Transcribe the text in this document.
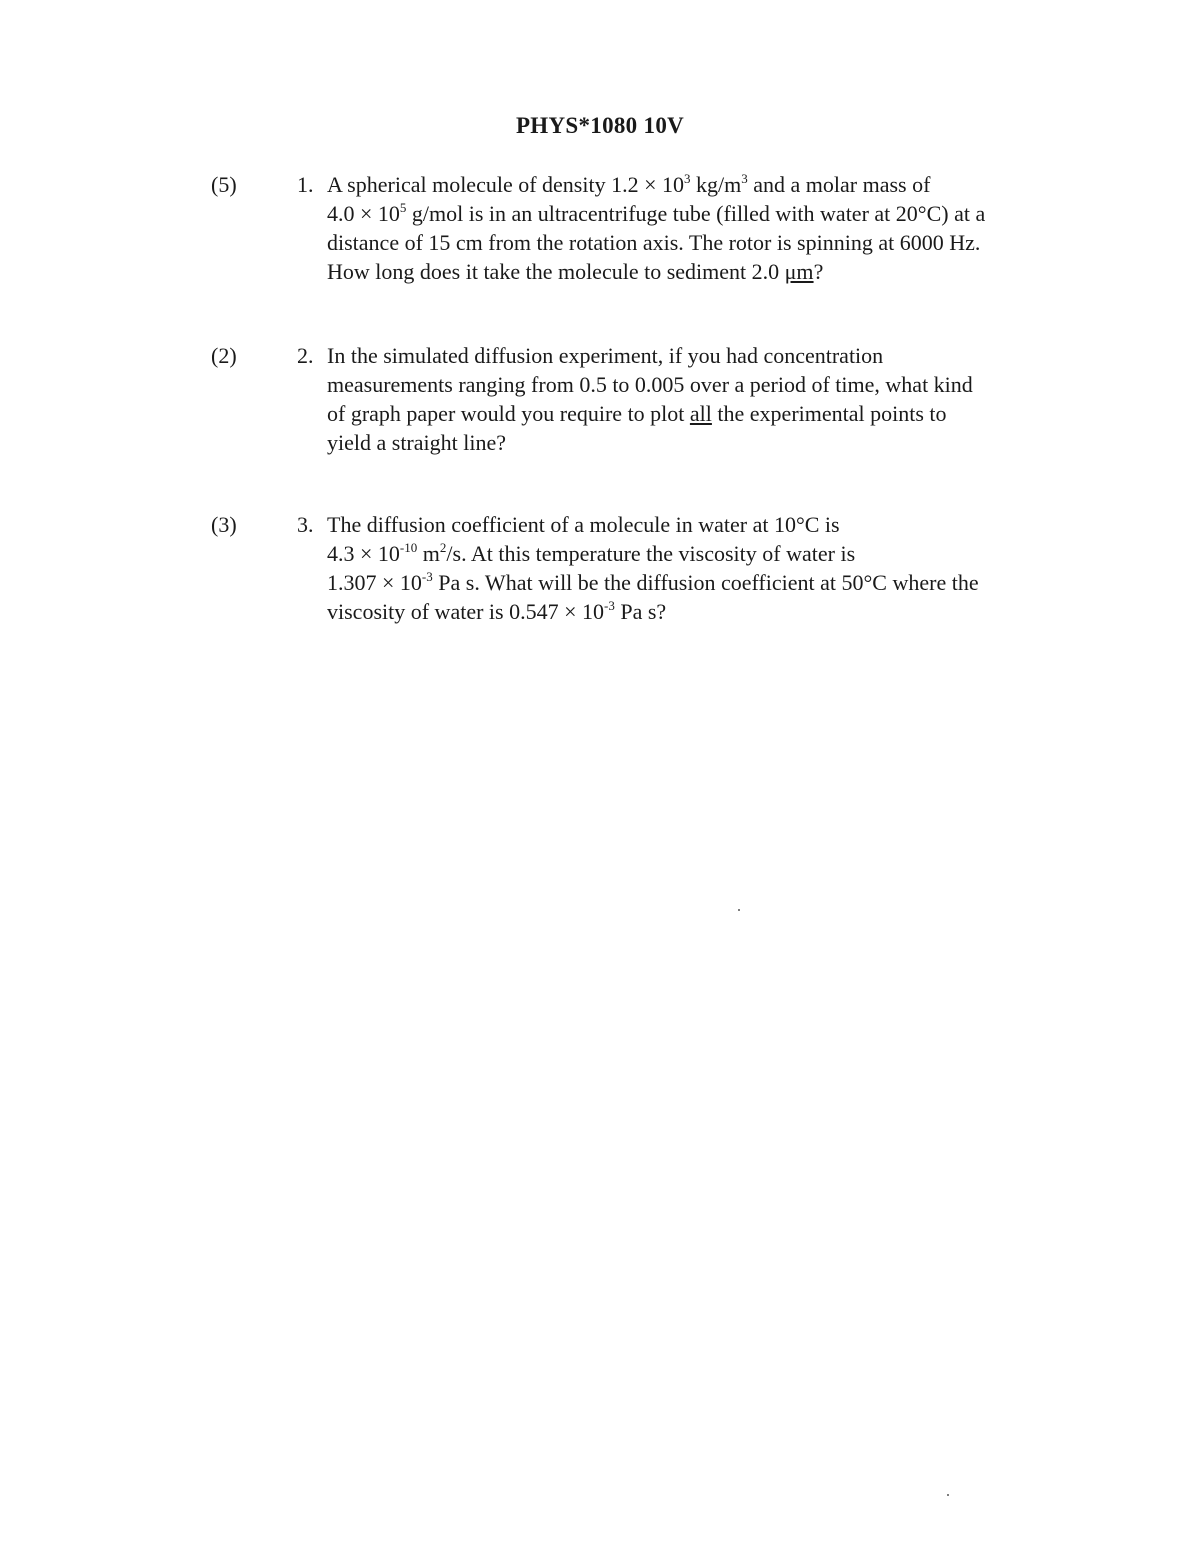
PHYS*1080 10V
(5)	1. A spherical molecule of density $1.2 \times 10^3$ $kg/m^3$ and a molar mass of
$4.0 \times 10^5$ g/mol is in an ultracentrifuge tube (filled with water at 20°C) at a
distance of 15 cm from the rotation axis. The rotor is spinning at 6000 Hz.
How long does it take the molecule to sediment 2.0 μm?
(2)	2. In the simulated diffusion experiment, if you had concentration
measurements ranging from 0.5 to 0.005 over a period of time, what kind
of graph paper would you require to plot all the experimental points to
yield a straight line?
(3)	3. The diffusion coefficient of a molecule in water at 10°C is
$4.3 \times 10^{-10}$ $m^2/s$. At this temperature the viscosity of water is
$1.307 \times 10^{-3}$ Pa s. What will be the diffusion coefficient at 50°C where the
viscosity of water is $0.547 \times 10^{-3}$ Pa s?
